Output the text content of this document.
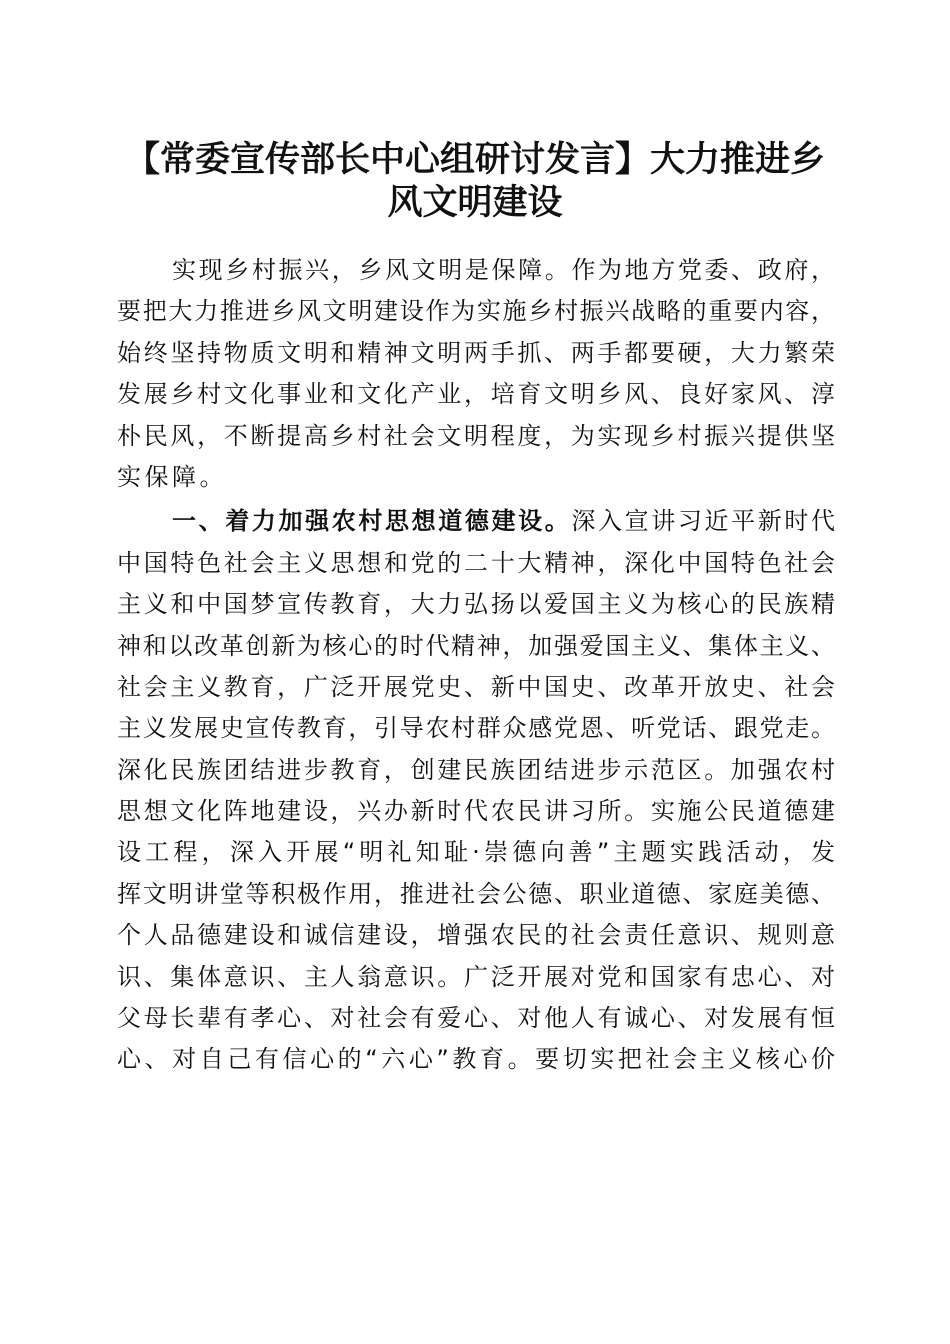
【常委宣传部长中心组研讨发言】大力推进乡
风文明建设
实现乡村振兴，乡风文明是保障。作为地方党委、政府，
要把大力推进乡风文明建设作为实施乡村振兴战略的重要内容，
始终坚持物质文明和精神文明两手抓、两手都要硬，大力繁荣
发展乡村文化事业和文化产业，培育文明乡风、良好家风、淳
朴民风，不断提高乡村社会文明程度，为实现乡村振兴提供坚
实保障。
一、着力加强农村思想道德建设。深入宣讲习近平新时代
中国特色社会主义思想和党的二十大精神，深化中国特色社会
主义和中国梦宣传教育，大力弘扬以爱国主义为核心的民族精
神和以改革创新为核心的时代精神，加强爱国主义、集体主义、
社会主义教育，广泛开展党史、新中国史、改革开放史、社会
主义发展史宣传教育，引导农村群众感党恩、听党话、跟党走。
深化民族团结进步教育，创建民族团结进步示范区。加强农村
思想文化阵地建设，兴办新时代农民讲习所。实施公民道德建
设工程，深入开展“明礼知耻·崇德向善”主题实践活动，发
挥文明讲堂等积极作用，推进社会公德、职业道德、家庭美德、
个人品德建设和诚信建设，增强农民的社会责任意识、规则意
识、集体意识、主人翁意识。广泛开展对党和国家有忠心、对
父母长辈有孝心、对社会有爱心、对他人有诚心、对发展有恒
心、对自己有信心的“六心”教育。要切实把社会主义核心价
